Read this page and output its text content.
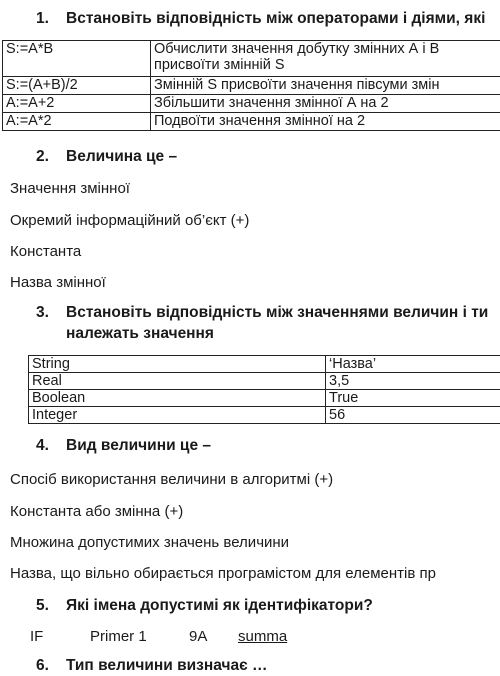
1. Встановіть відповідність між операторами і діями, які
S:=A*B	Обчислити значення добутку змінних А і В
присвоїти змінній S

S:=(A+B)/2	Змінній S присвоїти значення півсуми змін
A:=A+2	Збільшити значення змінної А на 2
A:=A*2	Подвоїти значення змінної на 2
2. Величина це –
Значення змінної
Окремий інформаційний об’єкт (+)
Константа
Назва змінної
3. Встановіть відповідність між значеннями величин і ти
належать значення
String	‘Назва’
Real	3,5
Boolean	True
Integer	56
4. Вид величини це –
Спосіб використання величини в алгоритмі (+)
Константа або змінна (+)
Множина допустимих значень величини
Назва, що вільно обирається програмістом для елементів пр
5. Які імена допустимі як ідентифікатори?
IF	Primer 1	9A summa
6. Тип величини визначає …
